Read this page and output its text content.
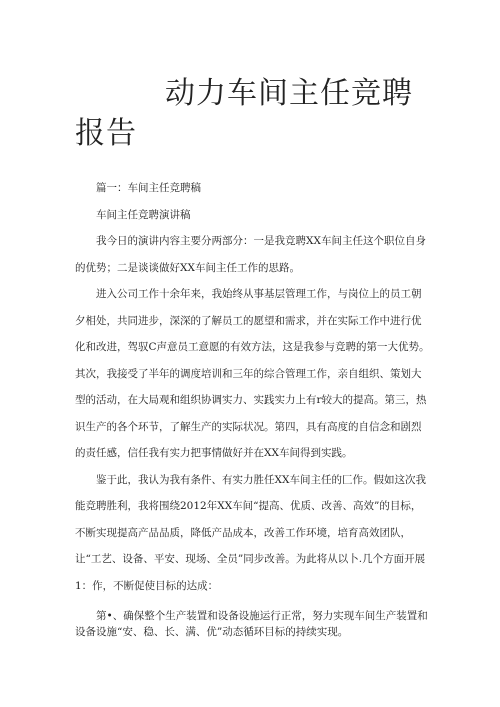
动力车间主任竞聘
报告

篇一：车间主任竞聘稿

车间主任竞聘演讲稿

我今日的演讲内容主要分两部分：一是我竞聘XX车间主任这个职位自身的优势；二是谈谈做好XX车间主任工作的思路。

进入公司工作十余年来，我始终从事基层管理工作，与岗位上的员工朝夕相处，共同进步，深深的了解员工的愿望和需求，并在实际工作中进行优化和改进，驾驭C声意员工意愿的有效方法，这是我参与竞聘的第一大优势。其次，我接受了半年的调度培训和三年的综合管理工作，亲自组织、策划大型的活动，在大局观和组织协调实力、实践实力上有r较大的提高。第三，热识生产的各个环节，了解生产的实际状况。第四，具有高度的自信念和剧烈的责任感，信任我有实力把事情做好并在XX车间得到实践。

鉴于此，我认为我有条件、有实力胜任XX车间主任的匚作。假如这次我能竞聘胜利，我将围绕2012年XX车间“提高、优质、改善、高效”的目标，不断实现提高产品品质，降低产品成本，改善工作环境，培育高效团队，让“工艺、设备、平安、现场、全员”同步改善。为此将从以卜.几个方面开展1：作，不断促使目标的达成：

第•、确保整个生产装置和设备设施运行正常，努力实现车间生产装置和设备设施“安、稳、长、满、优”动态循环目标的持续实现。
